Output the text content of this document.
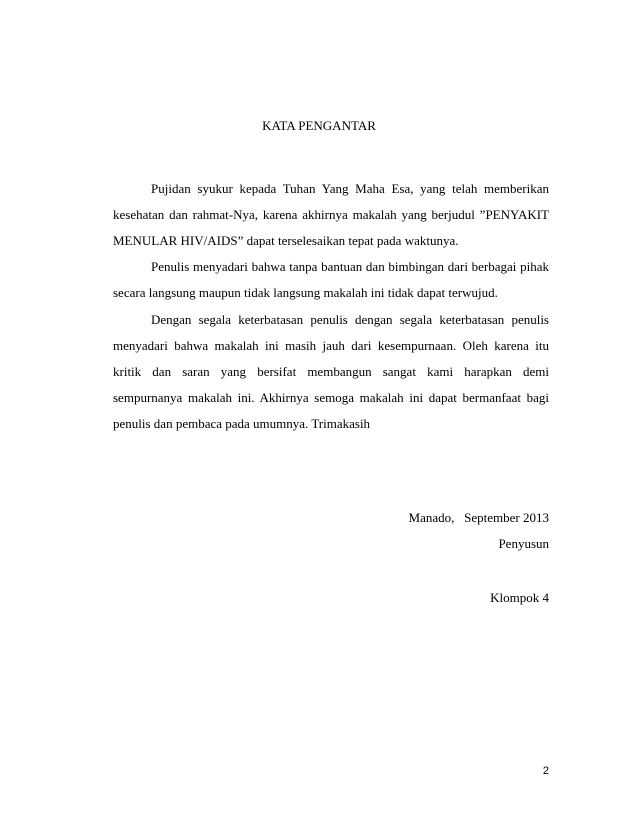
KATA PENGANTAR

Pujidan syukur kepada Tuhan Yang Maha Esa, yang telah memberikan kesehatan dan rahmat-Nya, karena akhirnya makalah yang berjudul ”PENYAKIT MENULAR HIV/AIDS” dapat terselesaikan tepat pada waktunya.

Penulis menyadari bahwa tanpa bantuan dan bimbingan dari berbagai pihak secara langsung maupun tidak langsung makalah ini tidak dapat terwujud.

Dengan segala keterbatasan penulis dengan segala keterbatasan penulis menyadari bahwa makalah ini masih jauh dari kesempurnaan. Oleh karena itu kritik dan saran yang bersifat membangun sangat kami harapkan demi sempurnanya makalah ini. Akhirnya semoga makalah ini dapat bermanfaat bagi penulis dan pembaca pada umumnya. Trimakasih

Manado,   September 2013
Penyusun
Klompok 4
2
